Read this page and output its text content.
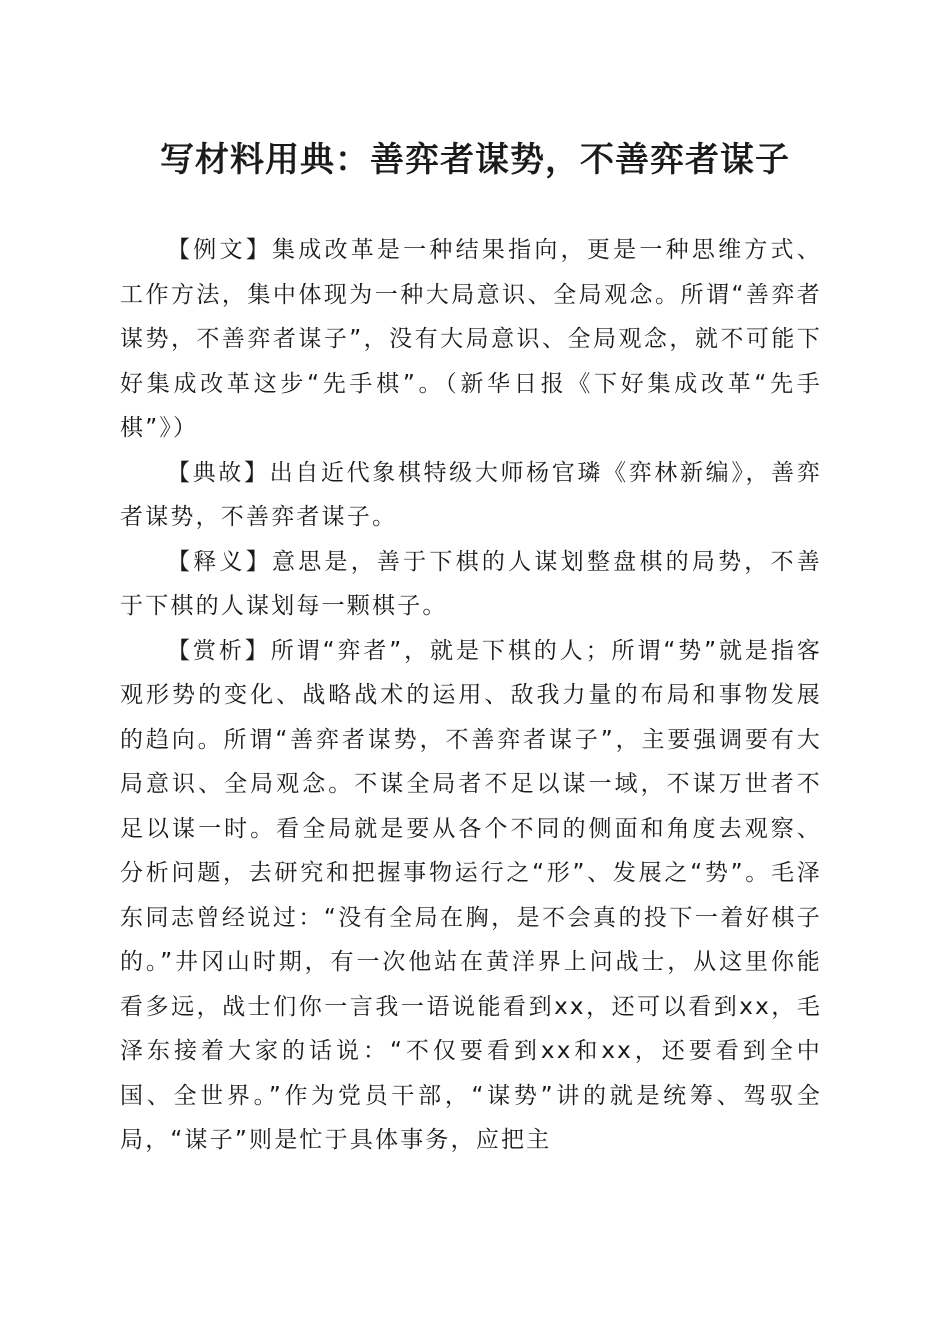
写材料用典：善弈者谋势，不善弈者谋子

【例文】集成改革是一种结果指向，更是一种思维方式、工作方法，集中体现为一种大局意识、全局观念。所谓“善弈者谋势，不善弈者谋子”，没有大局意识、全局观念，就不可能下好集成改革这步“先手棋”。（新华日报《下好集成改革“先手棋”》）

【典故】出自近代象棋特级大师杨官璘《弈林新编》，善弈者谋势，不善弈者谋子。

【释义】意思是，善于下棋的人谋划整盘棋的局势，不善于下棋的人谋划每一颗棋子。

【赏析】所谓“弈者”，就是下棋的人；所谓“势”就是指客观形势的变化、战略战术的运用、敌我力量的布局和事物发展的趋向。所谓“善弈者谋势，不善弈者谋子”，主要强调要有大局意识、全局观念。不谋全局者不足以谋一域，不谋万世者不足以谋一时。看全局就是要从各个不同的侧面和角度去观察、分析问题，去研究和把握事物运行之“形”、发展之“势”。毛泽东同志曾经说过：“没有全局在胸，是不会真的投下一着好棋子的。”井冈山时期，有一次他站在黄洋界上问战士，从这里你能看多远，战士们你一言我一语说能看到xx，还可以看到xx，毛泽东接着大家的话说：“不仅要看到xx和xx，还要看到全中国、全世界。”作为党员干部，“谋势”讲的就是统筹、驾驭全局，“谋子”则是忙于具体事务，应把主
